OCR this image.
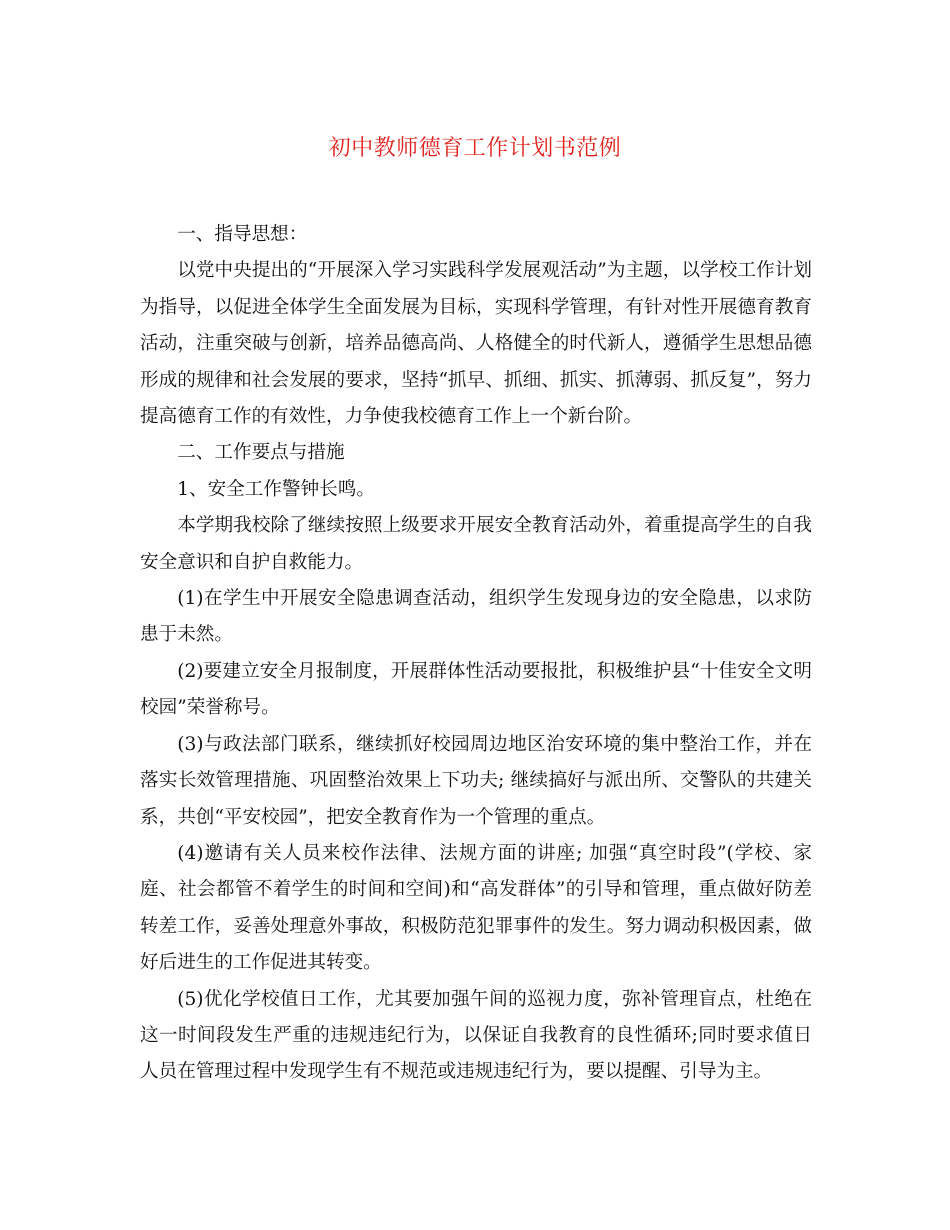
初中教师德育工作计划书范例

一、指导思想：

以党中央提出的“开展深入学习实践科学发展观活动”为主题，以学校工作计划为指导，以促进全体学生全面发展为目标，实现科学管理，有针对性开展德育教育活动，注重突破与创新，培养品德高尚、人格健全的时代新人，遵循学生思想品德形成的规律和社会发展的要求，坚持“抓早、抓细、抓实、抓薄弱、抓反复”，努力提高德育工作的有效性，力争使我校德育工作上一个新台阶。

二、工作要点与措施

1、安全工作警钟长鸣。

本学期我校除了继续按照上级要求开展安全教育活动外，着重提高学生的自我安全意识和自护自救能力。

(1)在学生中开展安全隐患调查活动，组织学生发现身边的安全隐患，以求防患于未然。

(2)要建立安全月报制度，开展群体性活动要报批，积极维护县“十佳安全文明校园”荣誉称号。

(3)与政法部门联系，继续抓好校园周边地区治安环境的集中整治工作，并在落实长效管理措施、巩固整治效果上下功夫; 继续搞好与派出所、交警队的共建关系，共创“平安校园”，把安全教育作为一个管理的重点。

(4)邀请有关人员来校作法律、法规方面的讲座; 加强“真空时段”(学校、家庭、社会都管不着学生的时间和空间)和“高发群体”的引导和管理，重点做好防差转差工作，妥善处理意外事故，积极防范犯罪事件的发生。努力调动积极因素，做好后进生的工作促进其转变。

(5)优化学校值日工作，尤其要加强午间的巡视力度，弥补管理盲点，杜绝在这一时间段发生严重的违规违纪行为，以保证自我教育的良性循环;同时要求值日人员在管理过程中发现学生有不规范或违规违纪行为，要以提醒、引导为主。
